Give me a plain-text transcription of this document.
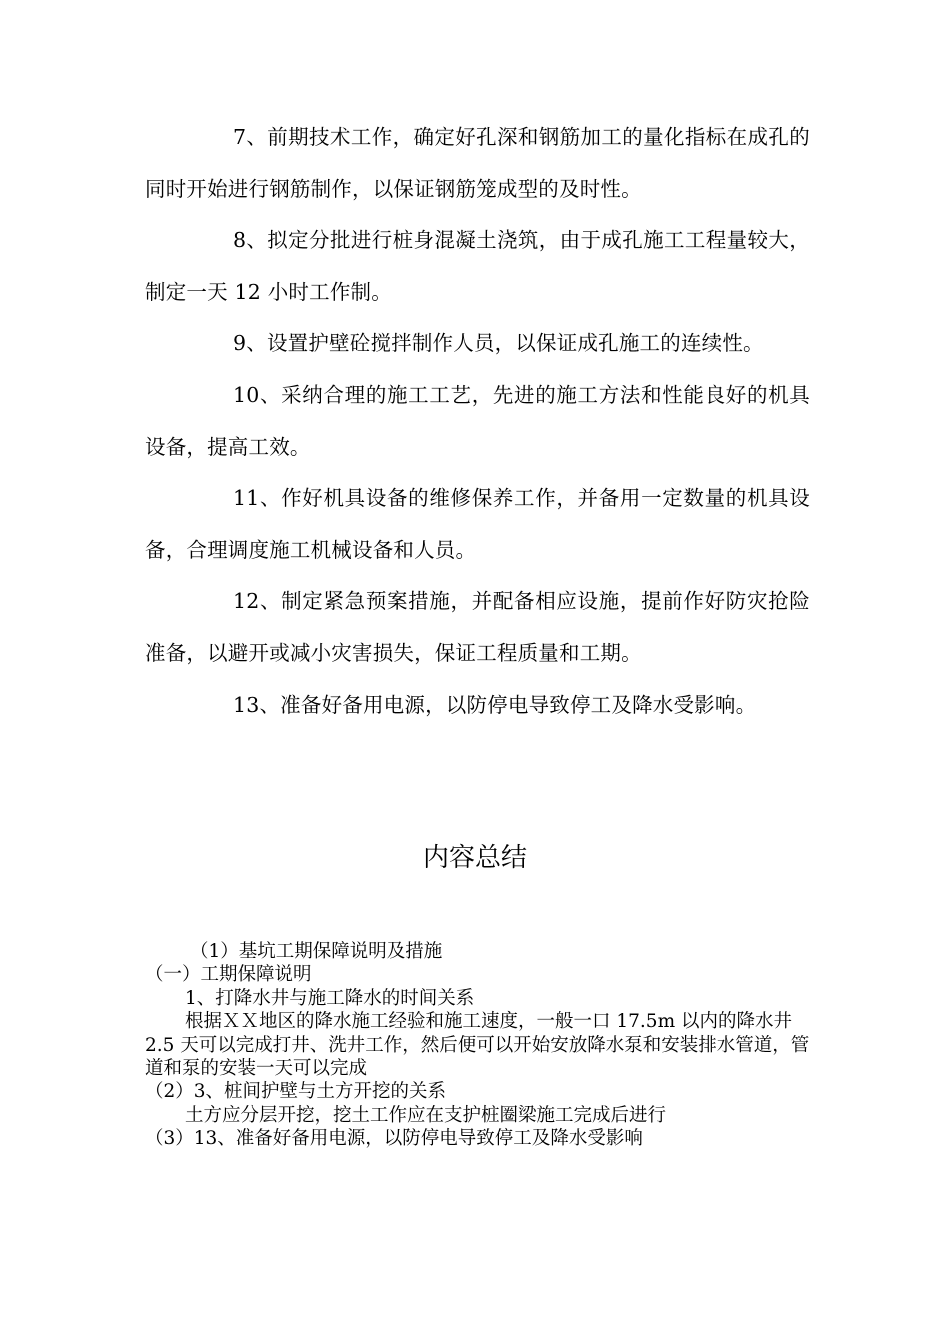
7、前期技术工作，确定好孔深和钢筋加工的量化指标在成孔的同时开始进行钢筋制作，以保证钢筋笼成型的及时性。

8、拟定分批进行桩身混凝土浇筑，由于成孔施工工程量较大，制定一天 12 小时工作制。

9、设置护壁砼搅拌制作人员，以保证成孔施工的连续性。

10、采纳合理的施工工艺，先进的施工方法和性能良好的机具设备，提高工效。

11、作好机具设备的维修保养工作，并备用一定数量的机具设备，合理调度施工机械设备和人员。

12、制定紧急预案措施，并配备相应设施，提前作好防灾抢险准备，以避开或减小灾害损失，保证工程质量和工期。

13、准备好备用电源，以防停电导致停工及降水受影响。

内容总结

（1）基坑工期保障说明及措施

（一）工期保障说明

1、打降水井与施工降水的时间关系

根据ＸＸ地区的降水施工经验和施工速度，一般一口 17.5m 以内的降水井 2.5 天可以完成打井、洗井工作，然后便可以开始安放降水泵和安装排水管道，管道和泵的安装一天可以完成

（2）3、桩间护壁与土方开挖的关系

土方应分层开挖，挖土工作应在支护桩圈梁施工完成后进行

（3）13、准备好备用电源，以防停电导致停工及降水受影响
